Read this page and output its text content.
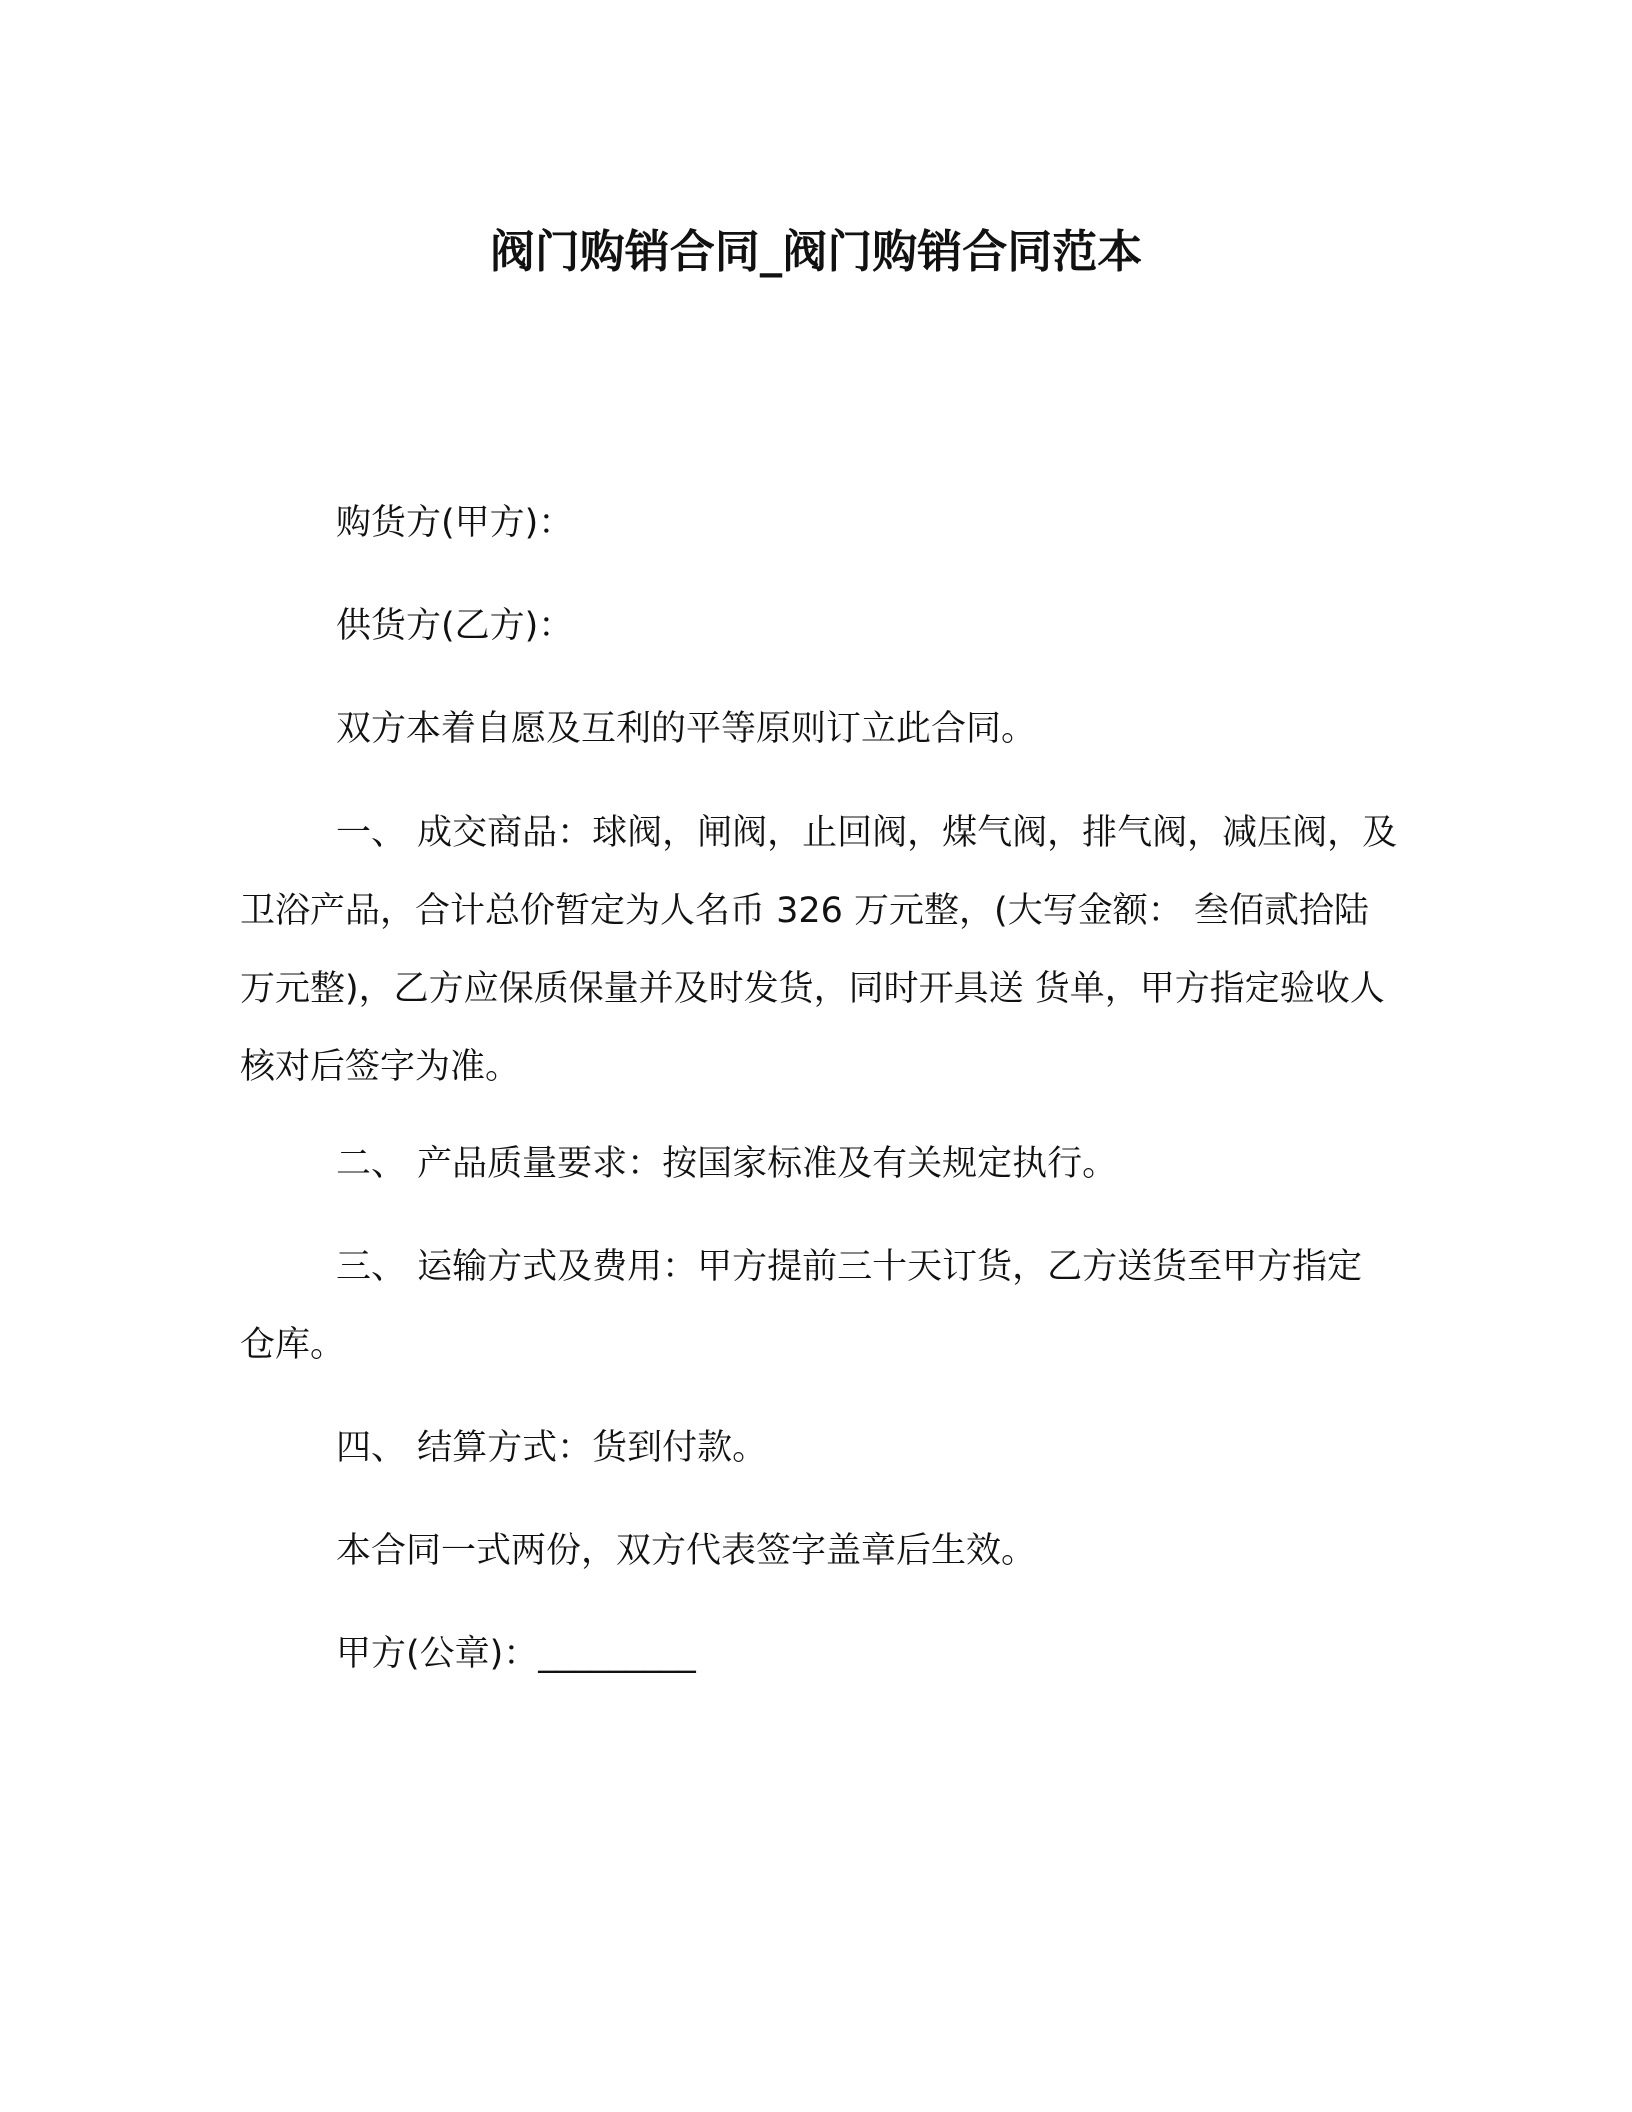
阀门购销合同_阀门购销合同范本

购货方(甲方)：

供货方(乙方)：

双方本着自愿及互利的平等原则订立此合同。

一、 成交商品：球阀，闸阀，止回阀，煤气阀，排气阀，减压阀，及卫浴产品，合计总价暂定为人名币 326 万元整，(大写金额： 叁佰贰拾陆万元整)，乙方应保质保量并及时发货，同时开具送 货单，甲方指定验收人核对后签字为准。

二、 产品质量要求：按国家标准及有关规定执行。

三、 运输方式及费用：甲方提前三十天订货，乙方送货至甲方指定 仓库。

四、 结算方式：货到付款。

本合同一式两份，双方代表签字盖章后生效。

甲方(公章)：_________
